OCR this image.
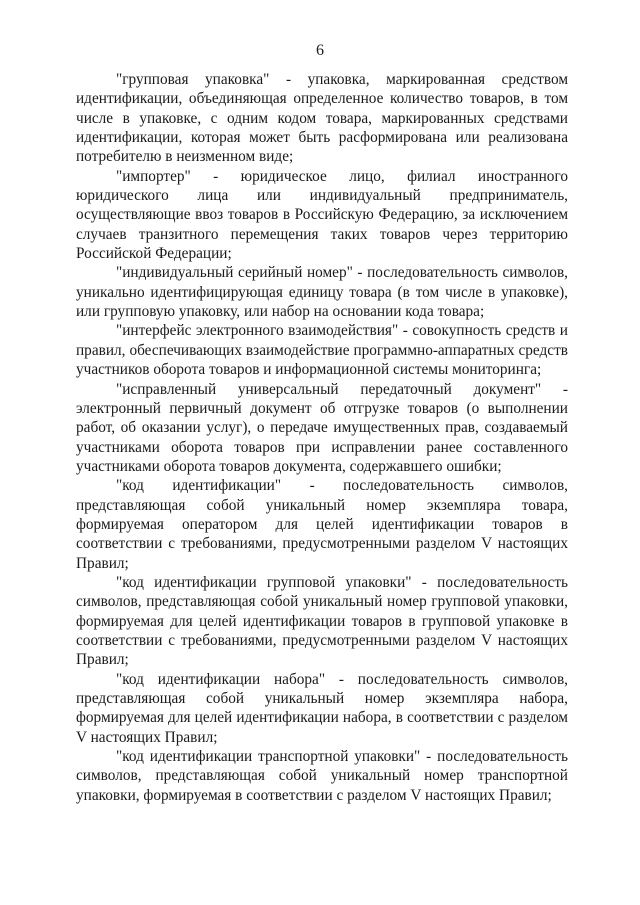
6

"групповая упаковка" - упаковка, маркированная средством идентификации, объединяющая определенное количество товаров, в том числе в упаковке, с одним кодом товара, маркированных средствами идентификации, которая может быть расформирована или реализована потребителю в неизменном виде;

"импортер" - юридическое лицо, филиал иностранного юридического лица или индивидуальный предприниматель, осуществляющие ввоз товаров в Российскую Федерацию, за исключением случаев транзитного перемещения таких товаров через территорию Российской Федерации;

"индивидуальный серийный номер" - последовательность символов, уникально идентифицирующая единицу товара (в том числе в упаковке), или групповую упаковку, или набор на основании кода товара;

"интерфейс электронного взаимодействия" - совокупность средств и правил, обеспечивающих взаимодействие программно-аппаратных средств участников оборота товаров и информационной системы мониторинга;

"исправленный универсальный передаточный документ" - электронный первичный документ об отгрузке товаров (о выполнении работ, об оказании услуг), о передаче имущественных прав, создаваемый участниками оборота товаров при исправлении ранее составленного участниками оборота товаров документа, содержавшего ошибки;

"код идентификации" - последовательность символов, представляющая собой уникальный номер экземпляра товара, формируемая оператором для целей идентификации товаров в соответствии с требованиями, предусмотренными разделом V настоящих Правил;

"код идентификации групповой упаковки" - последовательность символов, представляющая собой уникальный номер групповой упаковки, формируемая для целей идентификации товаров в групповой упаковке в соответствии с требованиями, предусмотренными разделом V настоящих Правил;

"код идентификации набора" - последовательность символов, представляющая собой уникальный номер экземпляра набора, формируемая для целей идентификации набора, в соответствии с разделом V настоящих Правил;

"код идентификации транспортной упаковки" - последовательность символов, представляющая собой уникальный номер транспортной упаковки, формируемая в соответствии с разделом V настоящих Правил;
